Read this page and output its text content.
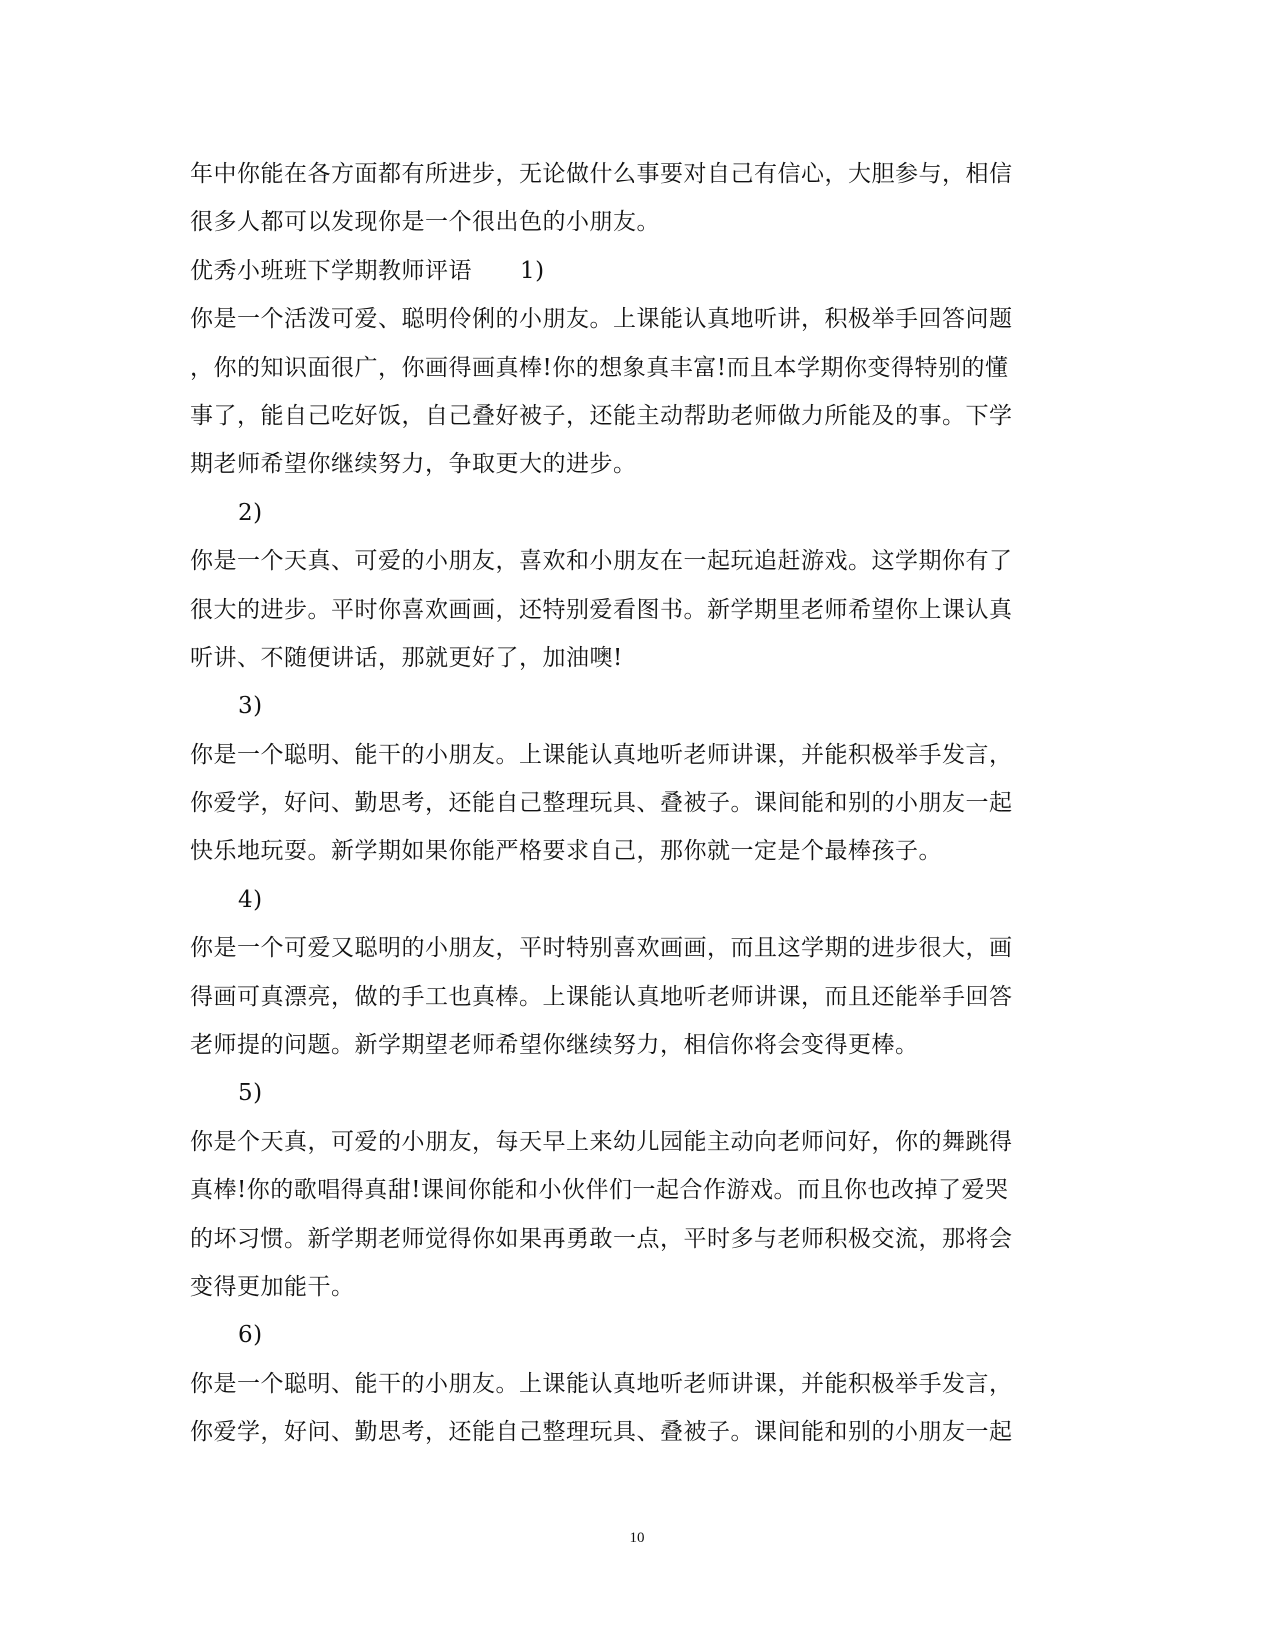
年中你能在各方面都有所进步，无论做什么事要对自己有信心，大胆参与，相信
很多人都可以发现你是一个很出色的小朋友。
优秀小班班下学期教师评语 1)
你是一个活泼可爱、聪明伶俐的小朋友。上课能认真地听讲，积极举手回答问题
，你的知识面很广，你画得画真棒!你的想象真丰富!而且本学期你变得特别的懂
事了，能自己吃好饭，自己叠好被子，还能主动帮助老师做力所能及的事。下学
期老师希望你继续努力，争取更大的进步。
2)
你是一个天真、可爱的小朋友，喜欢和小朋友在一起玩追赶游戏。这学期你有了
很大的进步。平时你喜欢画画，还特别爱看图书。新学期里老师希望你上课认真
听讲、不随便讲话，那就更好了，加油噢!
3)
你是一个聪明、能干的小朋友。上课能认真地听老师讲课，并能积极举手发言，
你爱学，好问、勤思考，还能自己整理玩具、叠被子。课间能和别的小朋友一起
快乐地玩耍。新学期如果你能严格要求自己，那你就一定是个最棒孩子。
4)
你是一个可爱又聪明的小朋友，平时特别喜欢画画，而且这学期的进步很大，画
得画可真漂亮，做的手工也真棒。上课能认真地听老师讲课，而且还能举手回答
老师提的问题。新学期望老师希望你继续努力，相信你将会变得更棒。
5)
你是个天真，可爱的小朋友，每天早上来幼儿园能主动向老师问好，你的舞跳得
真棒!你的歌唱得真甜!课间你能和小伙伴们一起合作游戏。而且你也改掉了爱哭
的坏习惯。新学期老师觉得你如果再勇敢一点，平时多与老师积极交流，那将会
变得更加能干。
6)
你是一个聪明、能干的小朋友。上课能认真地听老师讲课，并能积极举手发言，
你爱学，好问、勤思考，还能自己整理玩具、叠被子。课间能和别的小朋友一起
10
